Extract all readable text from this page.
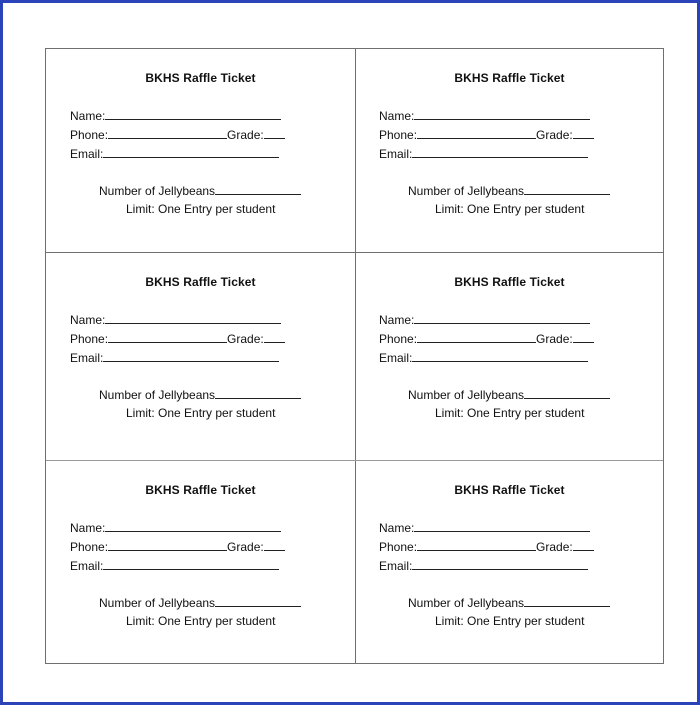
BKHS Raffle Ticket
Name:
Phone:	Grade:
Email:
Number of Jellybeans
Limit: One Entry per student
BKHS Raffle Ticket
Name:
Phone:	Grade:
Email:
Number of Jellybeans
Limit: One Entry per student
BKHS Raffle Ticket
Name:
Phone:	Grade:
Email:
Number of Jellybeans
Limit: One Entry per student
BKHS Raffle Ticket
Name:
Phone:	Grade:
Email:
Number of Jellybeans
Limit: One Entry per student
BKHS Raffle Ticket
Name:
Phone:	Grade:
Email:
Number of Jellybeans
Limit: One Entry per student
BKHS Raffle Ticket
Name:
Phone:	Grade:
Email:
Number of Jellybeans
Limit: One Entry per student
